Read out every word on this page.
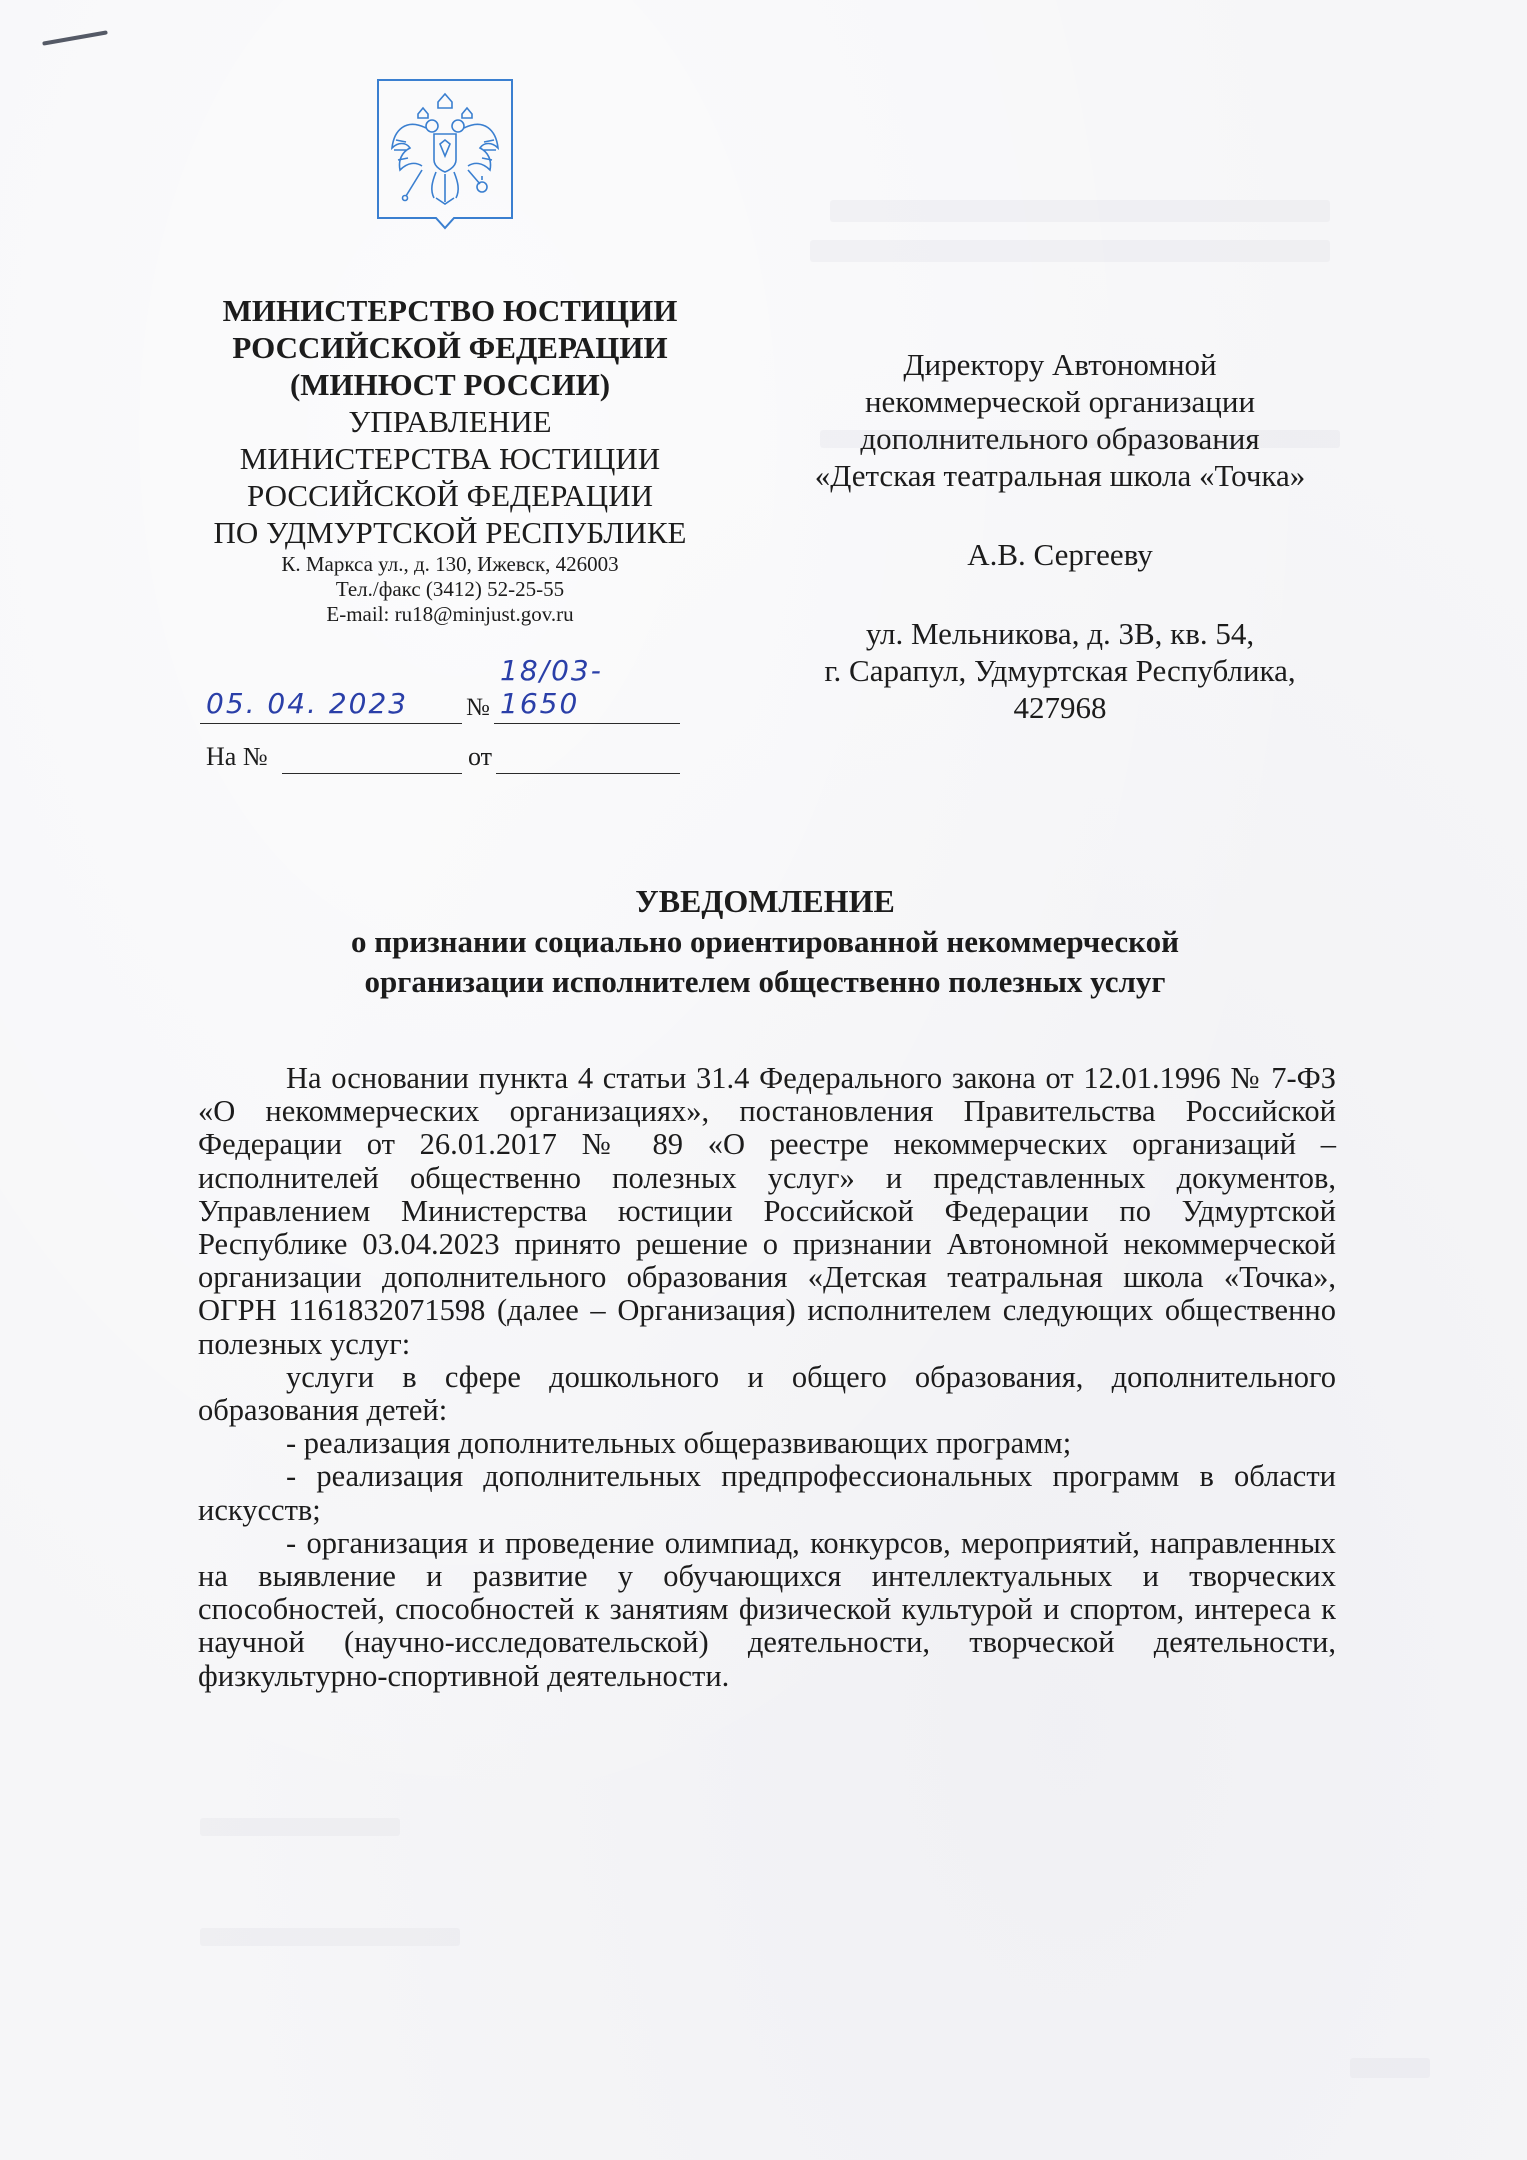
МИНИСТЕРСТВО ЮСТИЦИИ
РОССИЙСКОЙ ФЕДЕРАЦИИ
(МИНЮСТ РОССИИ)
УПРАВЛЕНИЕ
МИНИСТЕРСТВА ЮСТИЦИИ
РОССИЙСКОЙ ФЕДЕРАЦИИ
ПО УДМУРТСКОЙ РЕСПУБЛИКЕ
К. Маркса ул., д. 130, Ижевск, 426003
Тел./факс (3412) 52-25-55
E-mail: ru18@minjust.gov.ru
05. 04. 2023 №
18/03-1650
На №	от
Директору Автономной
некоммерческой организации
дополнительного образования
«Детская театральная школа «Точка»
А.В. Сергееву
ул. Мельникова, д. 3В, кв. 54,
г. Сарапул, Удмуртская Республика,
427968
УВЕДОМЛЕНИЕ
о признании социально ориентированной некоммерческой
организации исполнителем общественно полезных услуг

На основании пункта 4 статьи 31.4 Федерального закона от 12.01.1996 № 7-ФЗ «О некоммерческих организациях», постановления Правительства Российской Федерации от 26.01.2017 № 89 «О реестре некоммерческих организаций – исполнителей общественно полезных услуг» и представленных документов, Управлением Министерства юстиции Российской Федерации по Удмуртской Республике 03.04.2023 принято решение о признании Автономной некоммерческой организации дополнительного образования «Детская театральная школа «Точка», ОГРН 1161832071598 (далее – Организация) исполнителем следующих общественно полезных услуг:

услуги в сфере дошкольного и общего образования, дополнительного образования детей:

- реализация дополнительных общеразвивающих программ;

- реализация дополнительных предпрофессиональных программ в области искусств;

- организация и проведение олимпиад, конкурсов, мероприятий, направленных на выявление и развитие у обучающихся интеллектуальных и творческих способностей, способностей к занятиям физической культурой и спортом, интереса к научной (научно-исследовательской) деятельности, творческой деятельности, физкультурно-спортивной деятельности.
